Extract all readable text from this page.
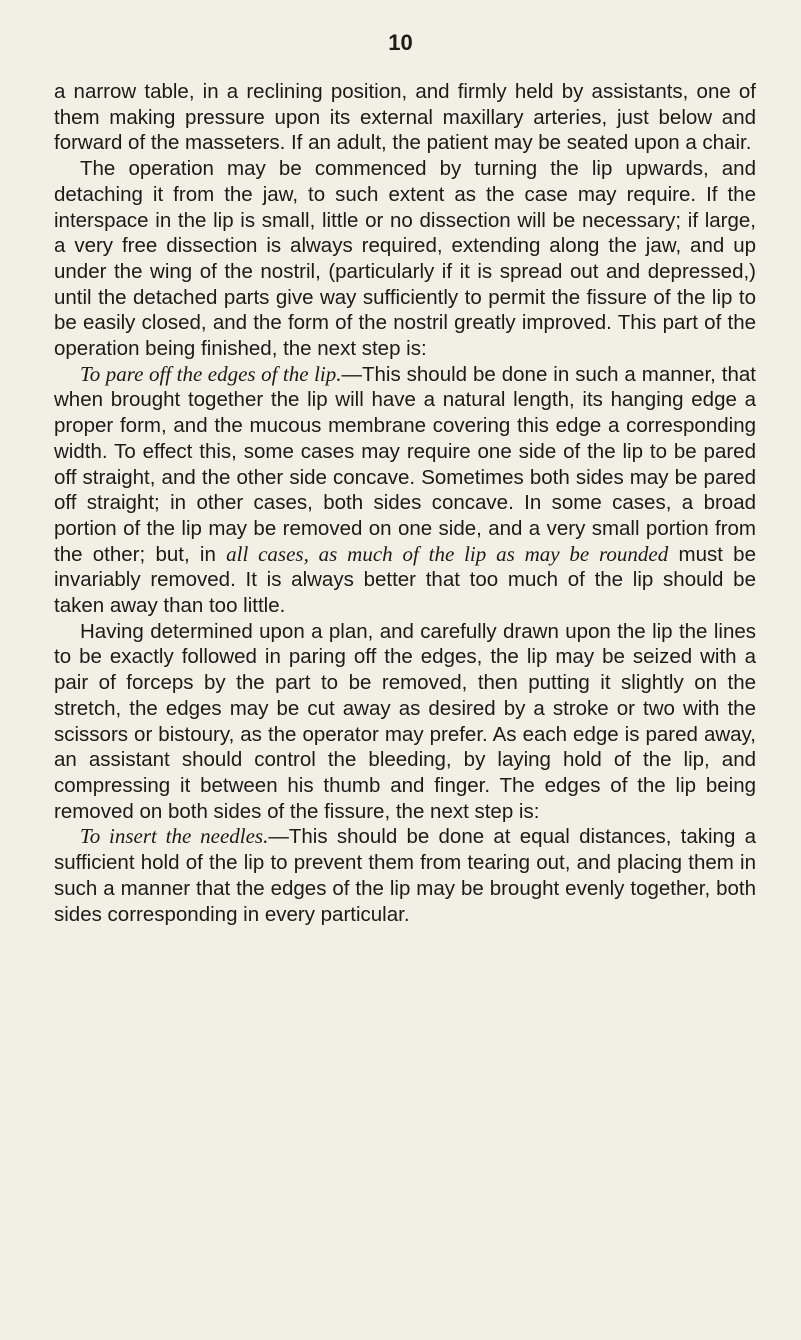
10

a narrow table, in a reclining position, and firmly held by assistants, one of them making pressure upon its external maxillary arteries, just below and forward of the masseters. If an adult, the patient may be seated upon a chair.

The operation may be commenced by turning the lip upwards, and detaching it from the jaw, to such extent as the case may require. If the interspace in the lip is small, little or no dissection will be necessary; if large, a very free dissection is always required, extending along the jaw, and up under the wing of the nostril, (particularly if it is spread out and depressed,) until the detached parts give way sufficiently to permit the fissure of the lip to be easily closed, and the form of the nostril greatly improved. This part of the operation being finished, the next step is:

To pare off the edges of the lip.—This should be done in such a manner, that when brought together the lip will have a natural length, its hanging edge a proper form, and the mucous membrane covering this edge a corresponding width. To effect this, some cases may require one side of the lip to be pared off straight, and the other side concave. Sometimes both sides may be pared off straight; in other cases, both sides concave. In some cases, a broad portion of the lip may be removed on one side, and a very small portion from the other; but, in all cases, as much of the lip as may be rounded must be invariably removed. It is always better that too much of the lip should be taken away than too little.

Having determined upon a plan, and carefully drawn upon the lip the lines to be exactly followed in paring off the edges, the lip may be seized with a pair of forceps by the part to be removed, then putting it slightly on the stretch, the edges may be cut away as desired by a stroke or two with the scissors or bistoury, as the operator may prefer. As each edge is pared away, an assistant should control the bleeding, by laying hold of the lip, and compressing it between his thumb and finger. The edges of the lip being removed on both sides of the fissure, the next step is:

To insert the needles.—This should be done at equal distances, taking a sufficient hold of the lip to prevent them from tearing out, and placing them in such a manner that the edges of the lip may be brought evenly together, both sides corresponding in every particular.
